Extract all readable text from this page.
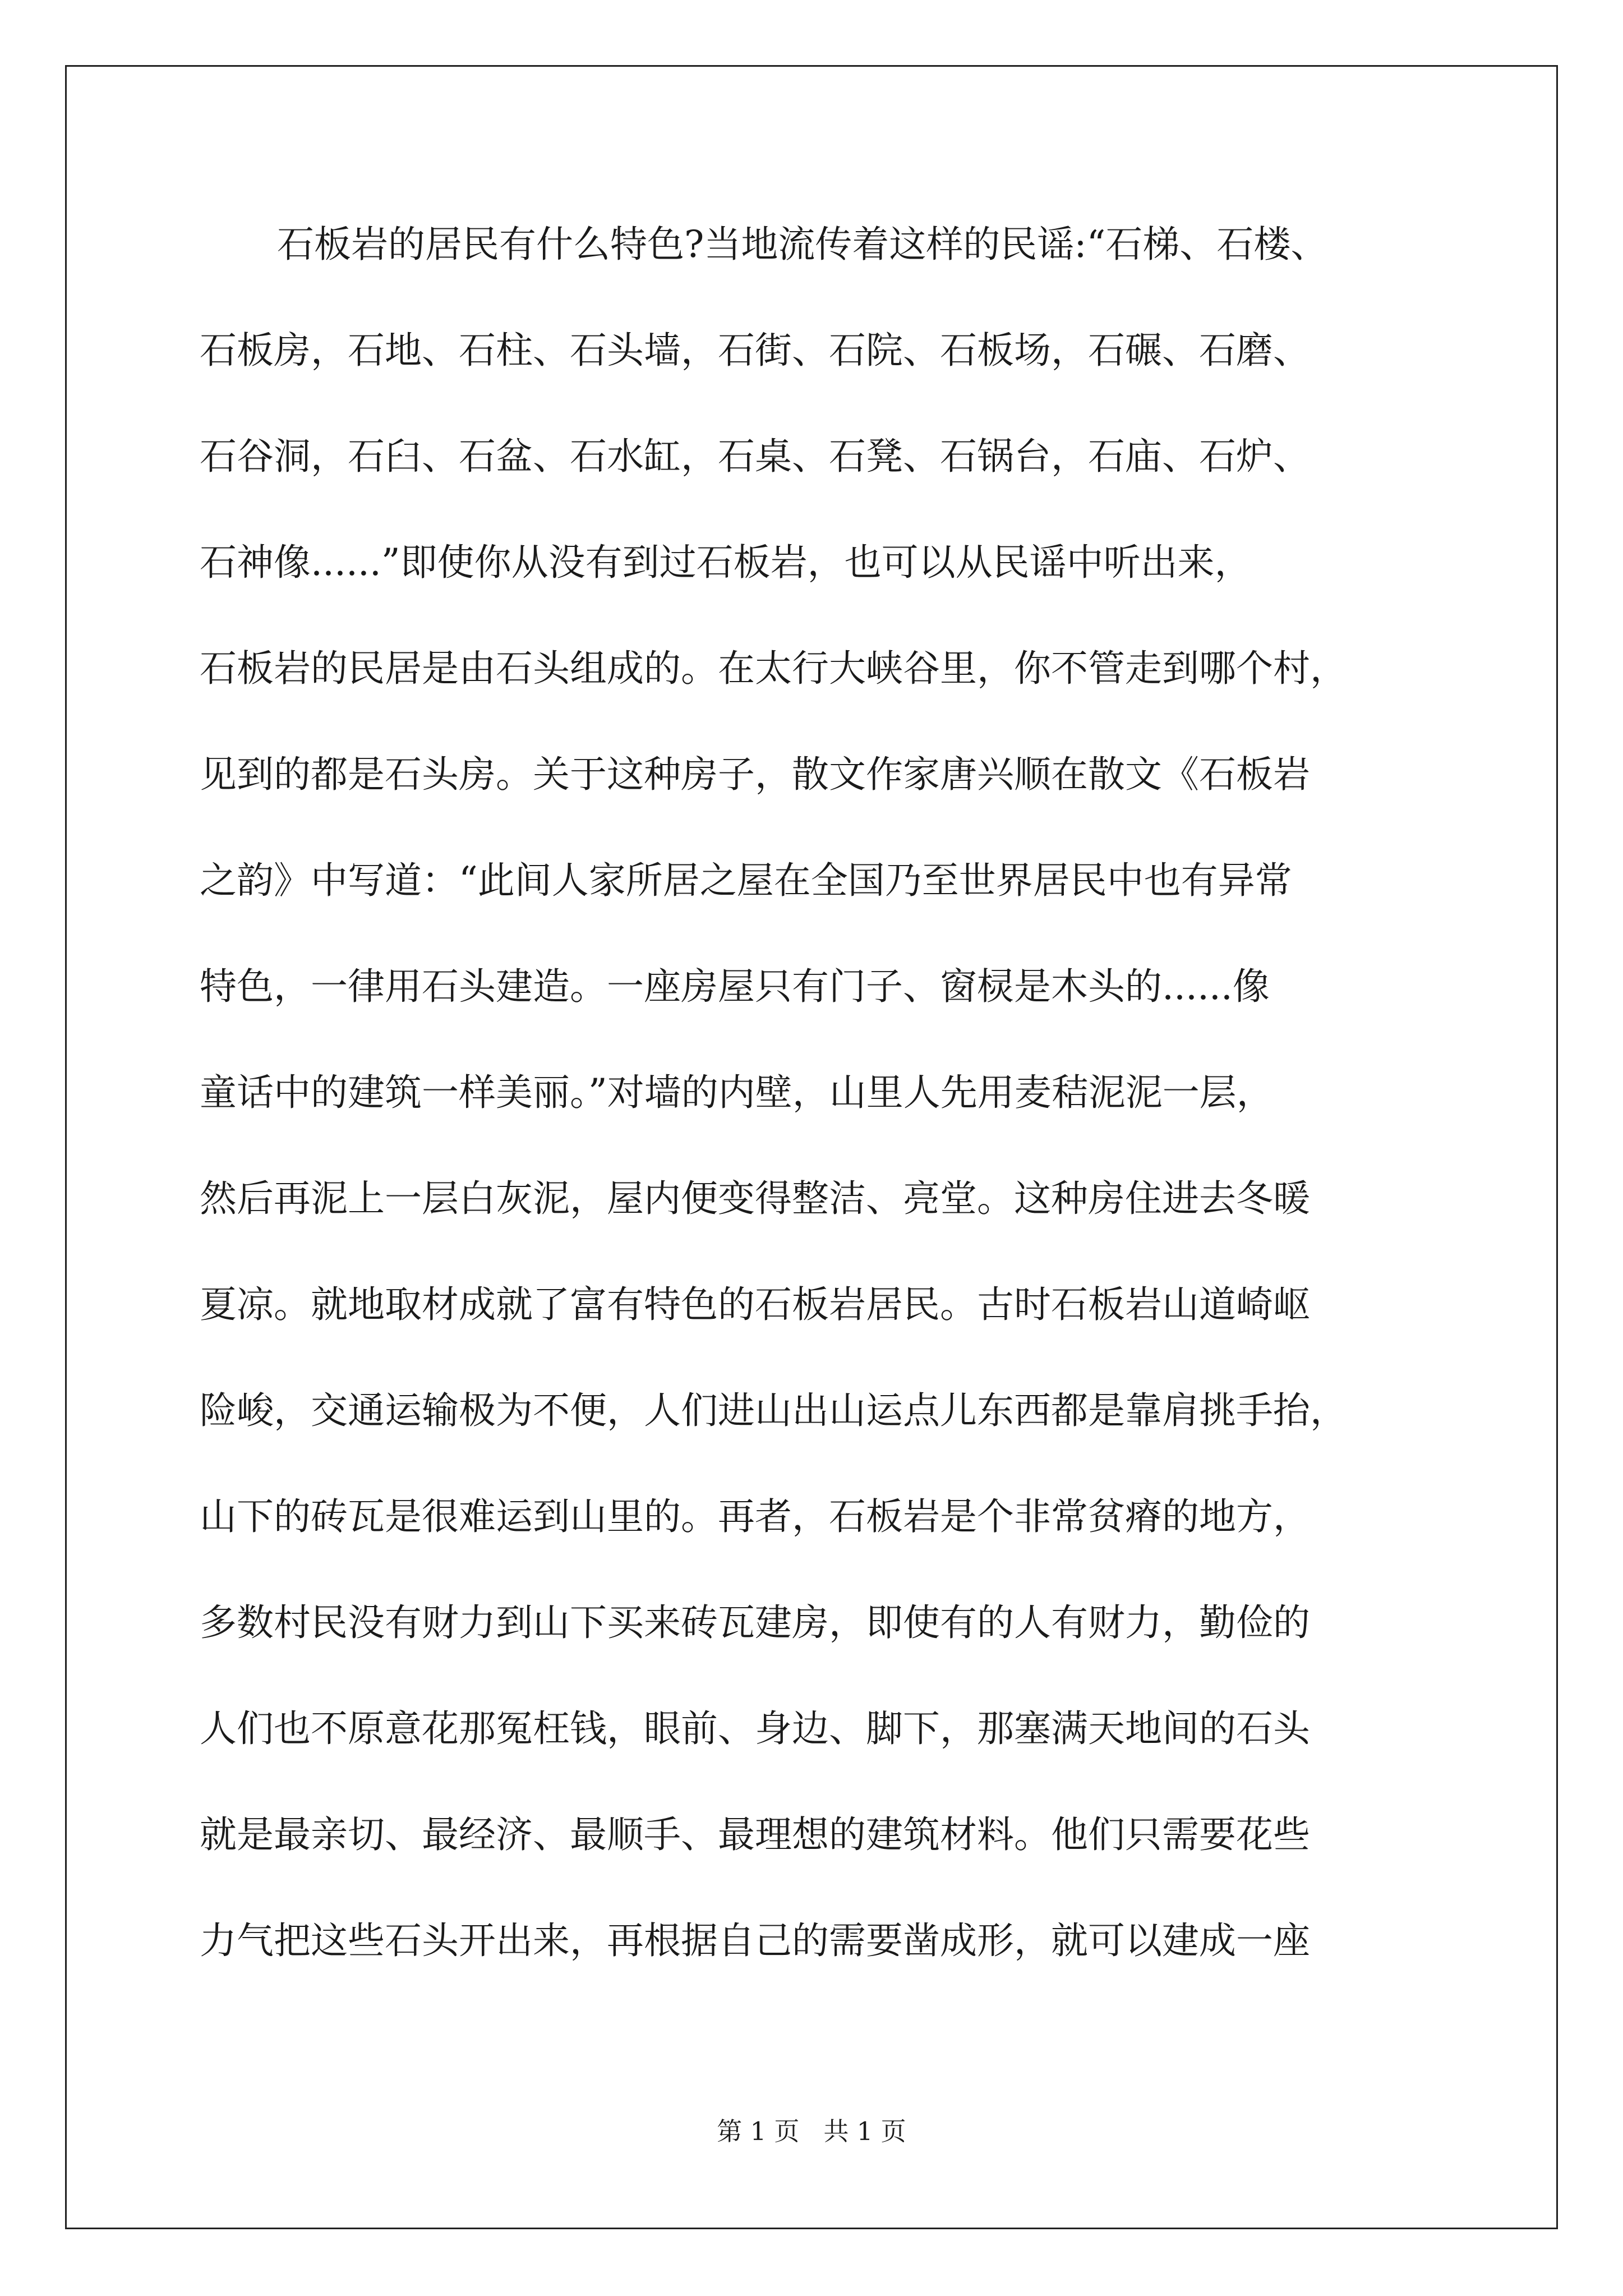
石板岩的居民有什么特色?当地流传着这样的民谣:“石梯、石楼、
石板房，石地、石柱、石头墙，石街、石院、石板场，石碾、石磨、
石谷洞，石臼、石盆、石水缸，石桌、石凳、石锅台，石庙、石炉、
石神像......”即使你从没有到过石板岩，也可以从民谣中听出来，
石板岩的民居是由石头组成的。在太行大峡谷里，你不管走到哪个村，
见到的都是石头房。关于这种房子，散文作家唐兴顺在散文《石板岩
之韵》中写道：“此间人家所居之屋在全国乃至世界居民中也有异常
特色，一律用石头建造。一座房屋只有门子、窗棂是木头的......像
童话中的建筑一样美丽。”对墙的内壁，山里人先用麦秸泥泥一层，
然后再泥上一层白灰泥，屋内便变得整洁、亮堂。这种房住进去冬暖
夏凉。就地取材成就了富有特色的石板岩居民。古时石板岩山道崎岖
险峻，交通运输极为不便，人们进山出山运点儿东西都是靠肩挑手抬，
山下的砖瓦是很难运到山里的。再者，石板岩是个非常贫瘠的地方，
多数村民没有财力到山下买来砖瓦建房，即使有的人有财力，勤俭的
人们也不原意花那冤枉钱，眼前、身边、脚下，那塞满天地间的石头
就是最亲切、最经济、最顺手、最理想的建筑材料。他们只需要花些
力气把这些石头开出来，再根据自己的需要凿成形，就可以建成一座
第 1 页   共 1 页
